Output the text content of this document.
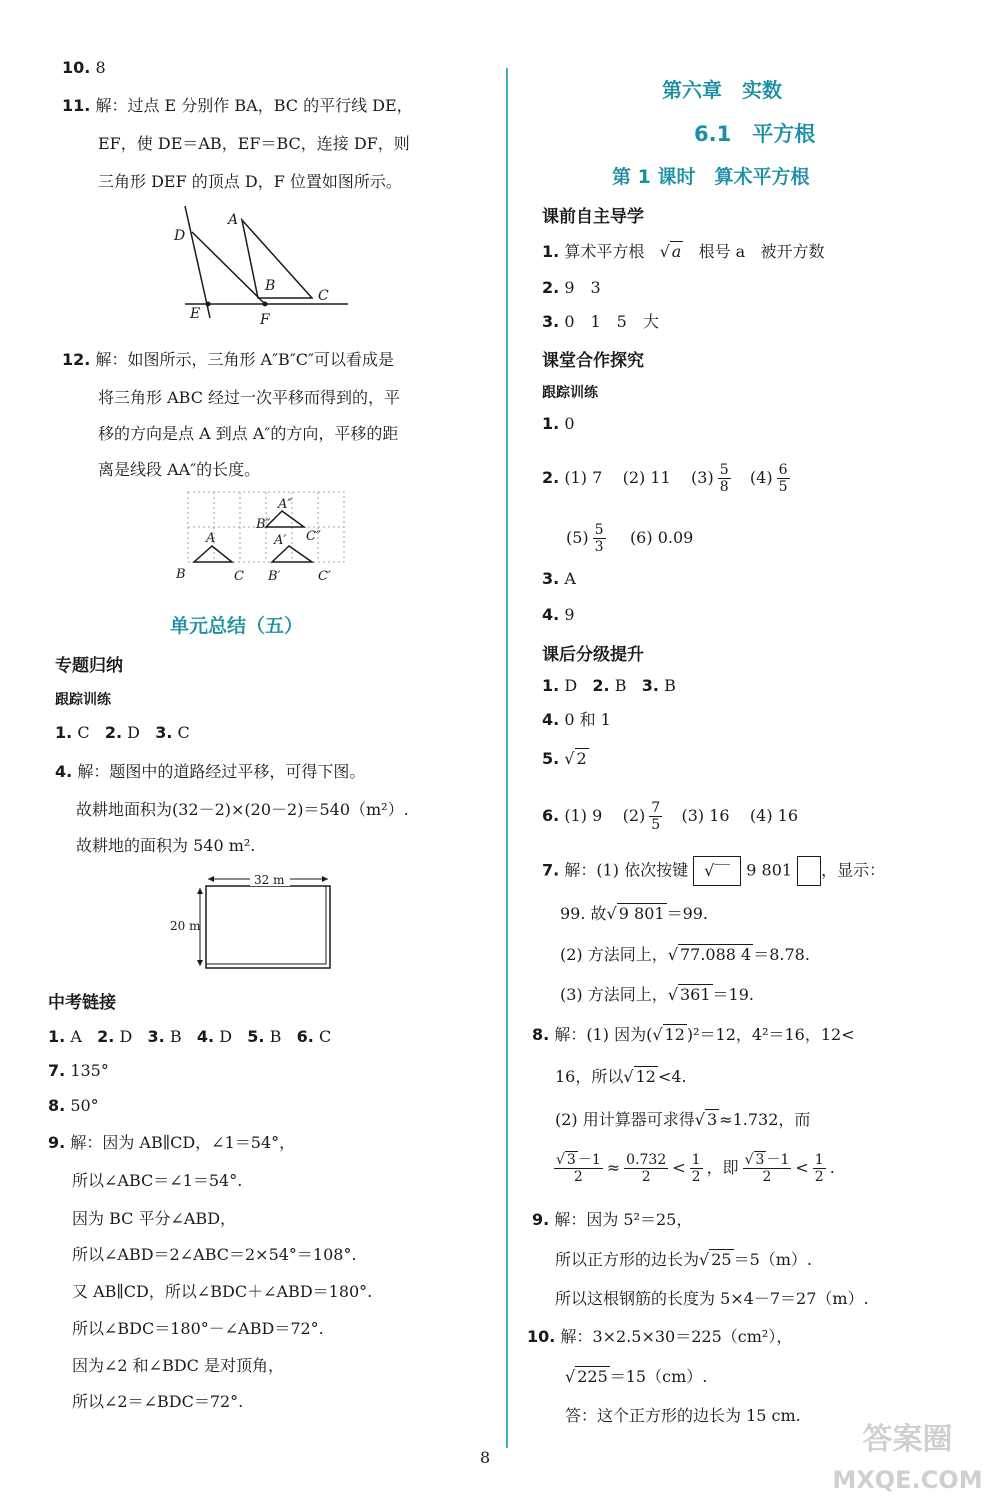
10. 8
11. 解：过点 E 分别作 BA，BC 的平行线 DE，
EF，使 DE＝AB，EF＝BC，连接 DF，则
三角形 DEF 的顶点 D，F 位置如图所示。
A
B
C
D
E	F
12. 解：如图所示，三角形 A″B″C″可以看成是
将三角形 ABC 经过一次平移而得到的，平
移的方向是点 A 到点 A″的方向，平移的距
离是线段 AA″的长度。
A″
B″
C″
A
B	C
A′
B′	C′
单元总结（五）
专题归纳
跟踪训练
1. C 2. D 3. C
4. 解：题图中的道路经过平移，可得下图。
故耕地面积为(32－2)×(20－2)＝540（m²）.
故耕地的面积为 540 m².
32 m
20 m
中考链接
1. A 2. D 3. B 4. D 5. B 6. C
7. 135°
8. 50°
9. 解：因为 AB∥CD，∠1＝54°，
所以∠ABC＝∠1＝54°.
因为 BC 平分∠ABD，
所以∠ABD＝2∠ABC＝2×54°＝108°.
又 AB∥CD，所以∠BDC＋∠ABD＝180°.
所以∠BDC＝180°－∠ABD＝72°.
因为∠2 和∠BDC 是对顶角，
所以∠2＝∠BDC＝72°.
第六章　实数
6.1　平方根
第 1 课时　算术平方根
课前自主导学
1. 算术平方根   √ a 根号 a 被开方数
2. 9　3
3. 0　1　5　大
课堂合作探究
跟踪训练
1. 0
2. (1) 7 (2) 11 $(3) \frac{5}{8} (4) \frac{6}{5}$
$(5) \frac{5}{3} (6)$ 0.09
3. A
4. 9
课后分级提升
1. D 2. B 3. B
4. 0 和 1
5. √ 2
6. (1) 9 $(2) \frac{7}{5} (3)$ 16 (4) 16
7. 解：(1) 依次按键 √‾‾ 9 801 ，显示：
99. 故√ 9 801 ＝99.
(2) 方法同上，√ 77.088 4 ＝8.78.
(3) 方法同上，√ 361 ＝19.
8. 解：(1) 因为(√ 12 )²＝12，4²＝16，12<
16，所以√ 12 <4.
(2) 用计算器可求得√ 3 ≈1.732，而
$\frac{√ 3 -1}{2} \approx \frac{0.732}{2} < \frac{1}{2}$ ，即 $\frac{√ 3 -1}{2} < \frac{1}{2}$ .
9. 解：因为 5²＝25，
所以正方形的边长为√ 25 ＝5（m）.
所以这根钢筋的长度为 5×4－7＝27（m）.
10. 解：3×2.5×30＝225（cm²），
√ 225 ＝15（cm）.
答：这个正方形的边长为 15 cm.
8
答案圈
MXQE.COM
